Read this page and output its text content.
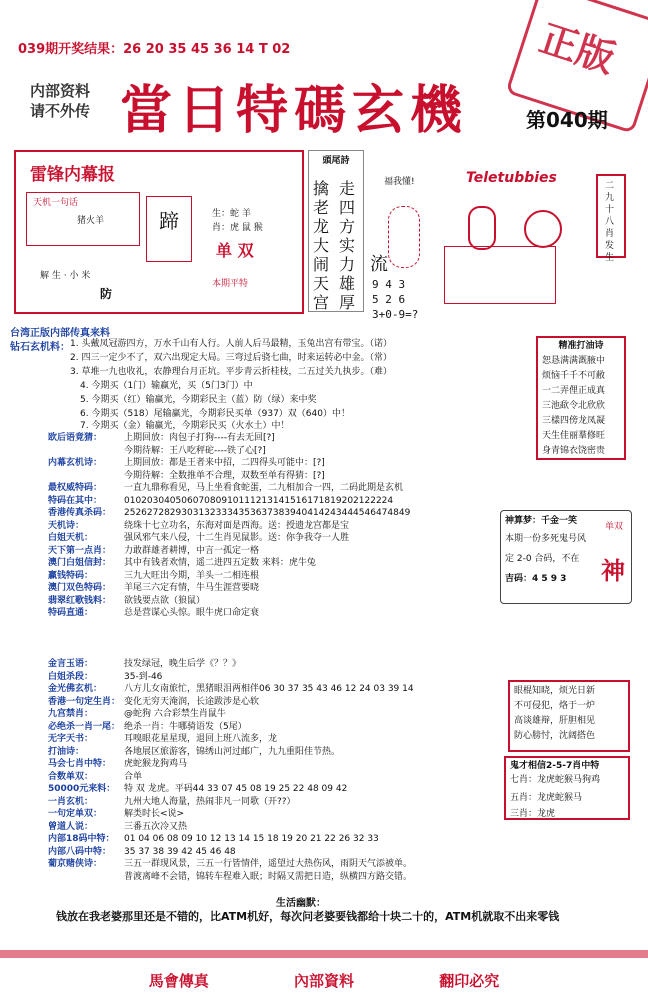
039期开奖结果：26 20 35 45 36 14 T 02	正版
内部资料
请不外传 當日特碼玄機	第040期
雷锋内幕报
天机一句话
猪火羊	蹄	生：蛇 羊
肖：虎 鼠 猴
单 双
解 生 · 小 米
本期平特
防
頭尾詩
擒老龙大闹天宫
走四方实力雄厚
流
9 4 3
5 2 6
3+0-9=?
福我懂!	Teletubbies	二九十八肖发生
台湾正版内部传真来料
钻石玄机料： 1. 头戴凤冠游四方，万水千山有人行。人前人后马最精，玉兔出宫有带宝。（诺）
2. 四三一定少不了，双六出现定大局。三弯过后骁七曲，时来运转必中金。（常）
3. 草堆一九也收礼，农静理台月正坑。平步青云折桂枝，二五过关九执步。（难）
4. 今期买（1门）输赢光，买（5门3门）中
5. 今期买（红）输赢光，今期彩民主（蓝）防（绿）来中奖
6. 今期买（518）尾输赢光，今期彩民买单（937）双（640）中！
7. 今期买（金）输赢光，今期彩民买（火水土）中！
欧后语竟猜： 上期回放：肉包子打狗----有去无回[?]
今期待解：王八吃秤砣----铁了心[?]
内幕玄机诗： 上期回放：都是王者来中招，二四得头可能中：[?]
今期待解：全数推单不合理，双数至单有得猜：[?]
最权威特码： 一直九鼎称看见，马上坐看食蛇蛋，二九相加合一四，二码此期是玄机
特码在其中： 01020304050607080910111213141516171819202122224
香港传真杀码： 25262728293031323334353637383940414243444546474849
天机诗：	绕珠十七立功名，东海对面是西海。送：授遗龙宫都是宝
白姐天机：	强风邪气来八侵，十二生肖见鼠影。送：你争我夺一人胜
天下第一点肖： 力敢群雄者耕博，中言一孤定一格
澳门白姐信封： 其中有钱者欢情，遥二进四五定数 来料：虎牛兔
赢钱特码：	三九大旺出今期，羊头一二相连根
澳门双色特码： 羊尾三六定有情，牛马生涯营要晓
翡翠红歌钱料： 欲钱要点欲（狼鼠）
特码直通：	总是营谋心头惊。眼牛虎口命定衰
精准打油诗
恕恳满满溉腋中
烦恼千千不可敝
一二弄俚正成真
三池歃令北欣欣
三樣四傍龙凤凝
天生佳丽羣修旺
身青锦衣饶密贵
神算梦：千金一笑
本期一份多死鬼号风
定 2-0 合码，不在
吉码：4 5 9 3	神
单双
眼棍知晓，烦光日新
不可侵犯，烙于一炉
高谈雄辩，肝胆相见
防心膀忖，沈阔搭色
鬼才相信2-5-7肖中特
七肖：龙虎蛇猴马狗鸡
五肖：龙虎蛇猴马
三肖：龙虎
金言玉语：	技发绿冠，晚生后学《？？》
白姐杀段：	35-到-46
金光佛玄机： 八方儿女南旅忙，黑猪眼泪两相伴06 30 37 35 43 46 12 24 03 39 14
香港一句定生肖： 变化无穷天淹润，长途跋涉是心软
九宫禁肖：	@蛇狗 六合彩禁生肖鼠牛
必绝杀一肖一尾： 绝杀一肖：牛哪骑语发（5尾）
无字天书：	耳嗅眼花星星现，退回上班八流多，龙
打油诗：	各地展区旅游客，锦绣山河过邮广，九九重阳佳节热。
马会七肖中特： 虎蛇猴龙狗鸡马
合数单双：	合单
50000元来料： 特 双 龙虎。平码44 33 07 45 08 19 25 22 48 09 42
一肖玄机：	九州大地人海量，热闹非凡一同歌（开??）
一句定单双： 解类时长<说>
曾道人说：	三番五次冷又热
内部18码中特： 01 04 06 08 09 10 12 13 14 15 18 19 20 21 22 26 32 33
内部八码中特： 35 37 38 39 42 45 46 48
葡京赌侠诗： 三五一群现风景，三五一行皆情伴，遥望过大热伤风，雨阴天气添被单。
普渡离峰不会错，锦转车程难入眠；时隔又需把日造，纵横四方路交错。
生活幽默：
钱放在我老婆那里还是不错的，比ATM机好，每次问老婆要钱都给十块二十的，ATM机就取不出来零钱
馬會傳真	內部資料	翻印必究
